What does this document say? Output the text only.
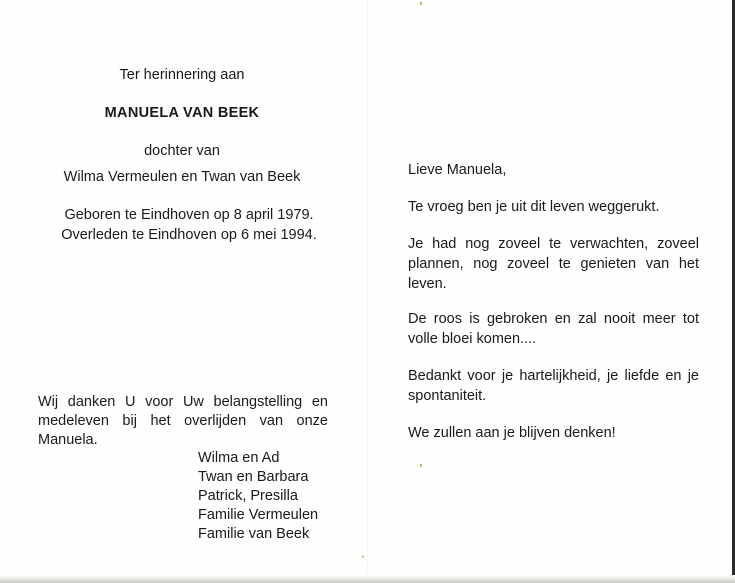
Ter herinnering aan
MANUELA VAN BEEK
dochter van
Wilma Vermeulen en Twan van Beek
Geboren te Eindhoven op 8 april 1979.
Overleden te Eindhoven op 6 mei 1994.
Wij danken U voor Uw belangstelling en medeleven bij het overlijden van onze Manuela.
Wilma en Ad
Twan en Barbara
Patrick, Presilla
Familie Vermeulen
Familie van Beek
Lieve Manuela,
Te vroeg ben je uit dit leven weggerukt.
Je had nog zoveel te verwachten, zoveel plannen, nog zoveel te genieten van het leven.
De roos is gebroken en zal nooit meer tot volle bloei komen....
Bedankt voor je hartelijkheid, je liefde en je spontaniteit.
We zullen aan je blijven denken!
